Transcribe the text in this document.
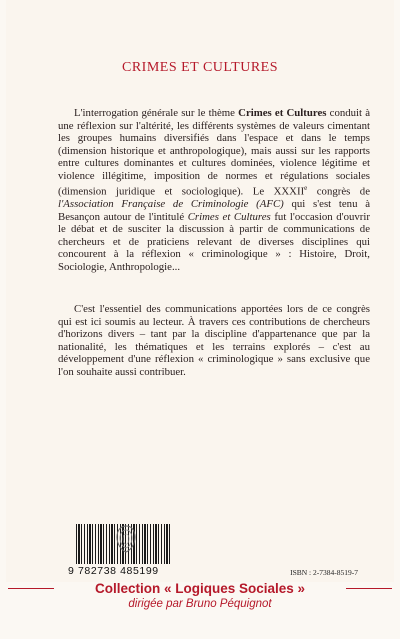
CRIMES ET CULTURES
L'interrogation générale sur le thème Crimes et Cultures conduit à une réflexion sur l'altérité, les différents systèmes de valeurs cimentant les groupes humains diversifiés dans l'espace et dans le temps (dimension historique et anthropologique), mais aussi sur les rapports entre cultures dominantes et cultures dominées, violence légitime et violence illégitime, imposition de normes et régulations sociales (dimension juridique et sociologique). Le XXXIIe congrès de l'Association Française de Criminologie (AFC) qui s'est tenu à Besançon autour de l'intitulé Crimes et Cultures fut l'occasion d'ouvrir le débat et de susciter la discussion à partir de communications de chercheurs et de praticiens relevant de diverses disciplines qui concourent à la réflexion « criminologique » : Histoire, Droit, Sociologie, Anthropologie...
C'est l'essentiel des communications apportées lors de ce congrès qui est ici soumis au lecteur. À travers ces contributions de chercheurs d'horizons divers – tant par la discipline d'appartenance que par la nationalité, les thématiques et les terrains explorés – c'est au développement d'une réflexion « criminologique » sans exclusive que l'on souhaite aussi contribuer.
9 782738 485199	ISBN : 2-7384-8519-7
Collection « Logiques Sociales »
dirigée par Bruno Péquignot
